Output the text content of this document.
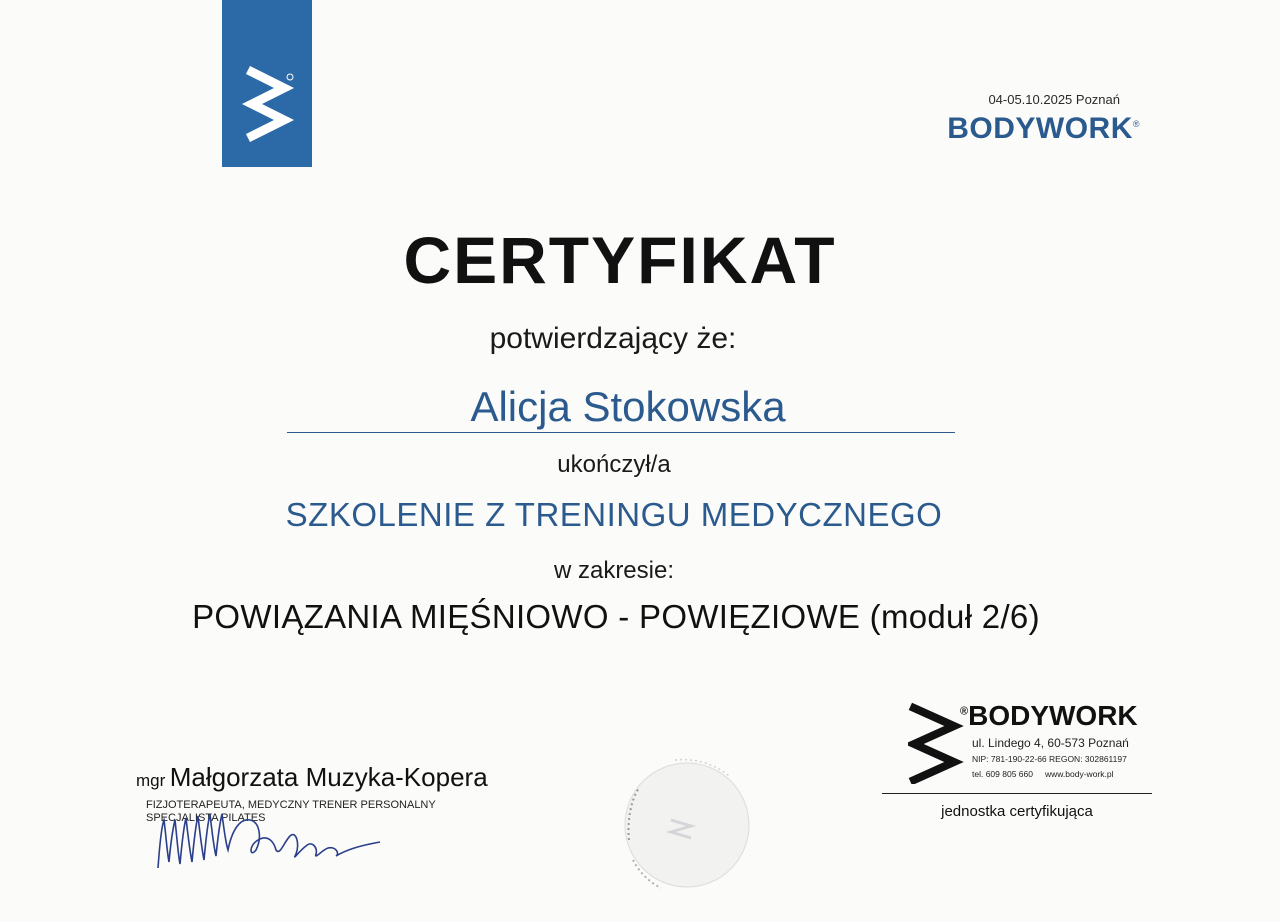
04-05.10.2025 Poznań
BODYWORK®
CERTYFIKAT
potwierdzający że:
Alicja Stokowska
ukończył/a
SZKOLENIE Z TRENINGU MEDYCZNEGO
w zakresie:
POWIĄZANIA MIĘŚNIOWO - POWIĘZIOWE (moduł 2/6)
mgr Małgorzata Muzyka-Kopera
FIZJOTERAPEUTA, MEDYCZNY TRENER PERSONALNY
SPECJALISTA PILATES
®BODYWORK
ul. Lindego 4, 60-573 Poznań
NIP: 781-190-22-66 REGON: 302861197
tel. 609 805 660 www.body-work.pl
jednostka certyfikująca
